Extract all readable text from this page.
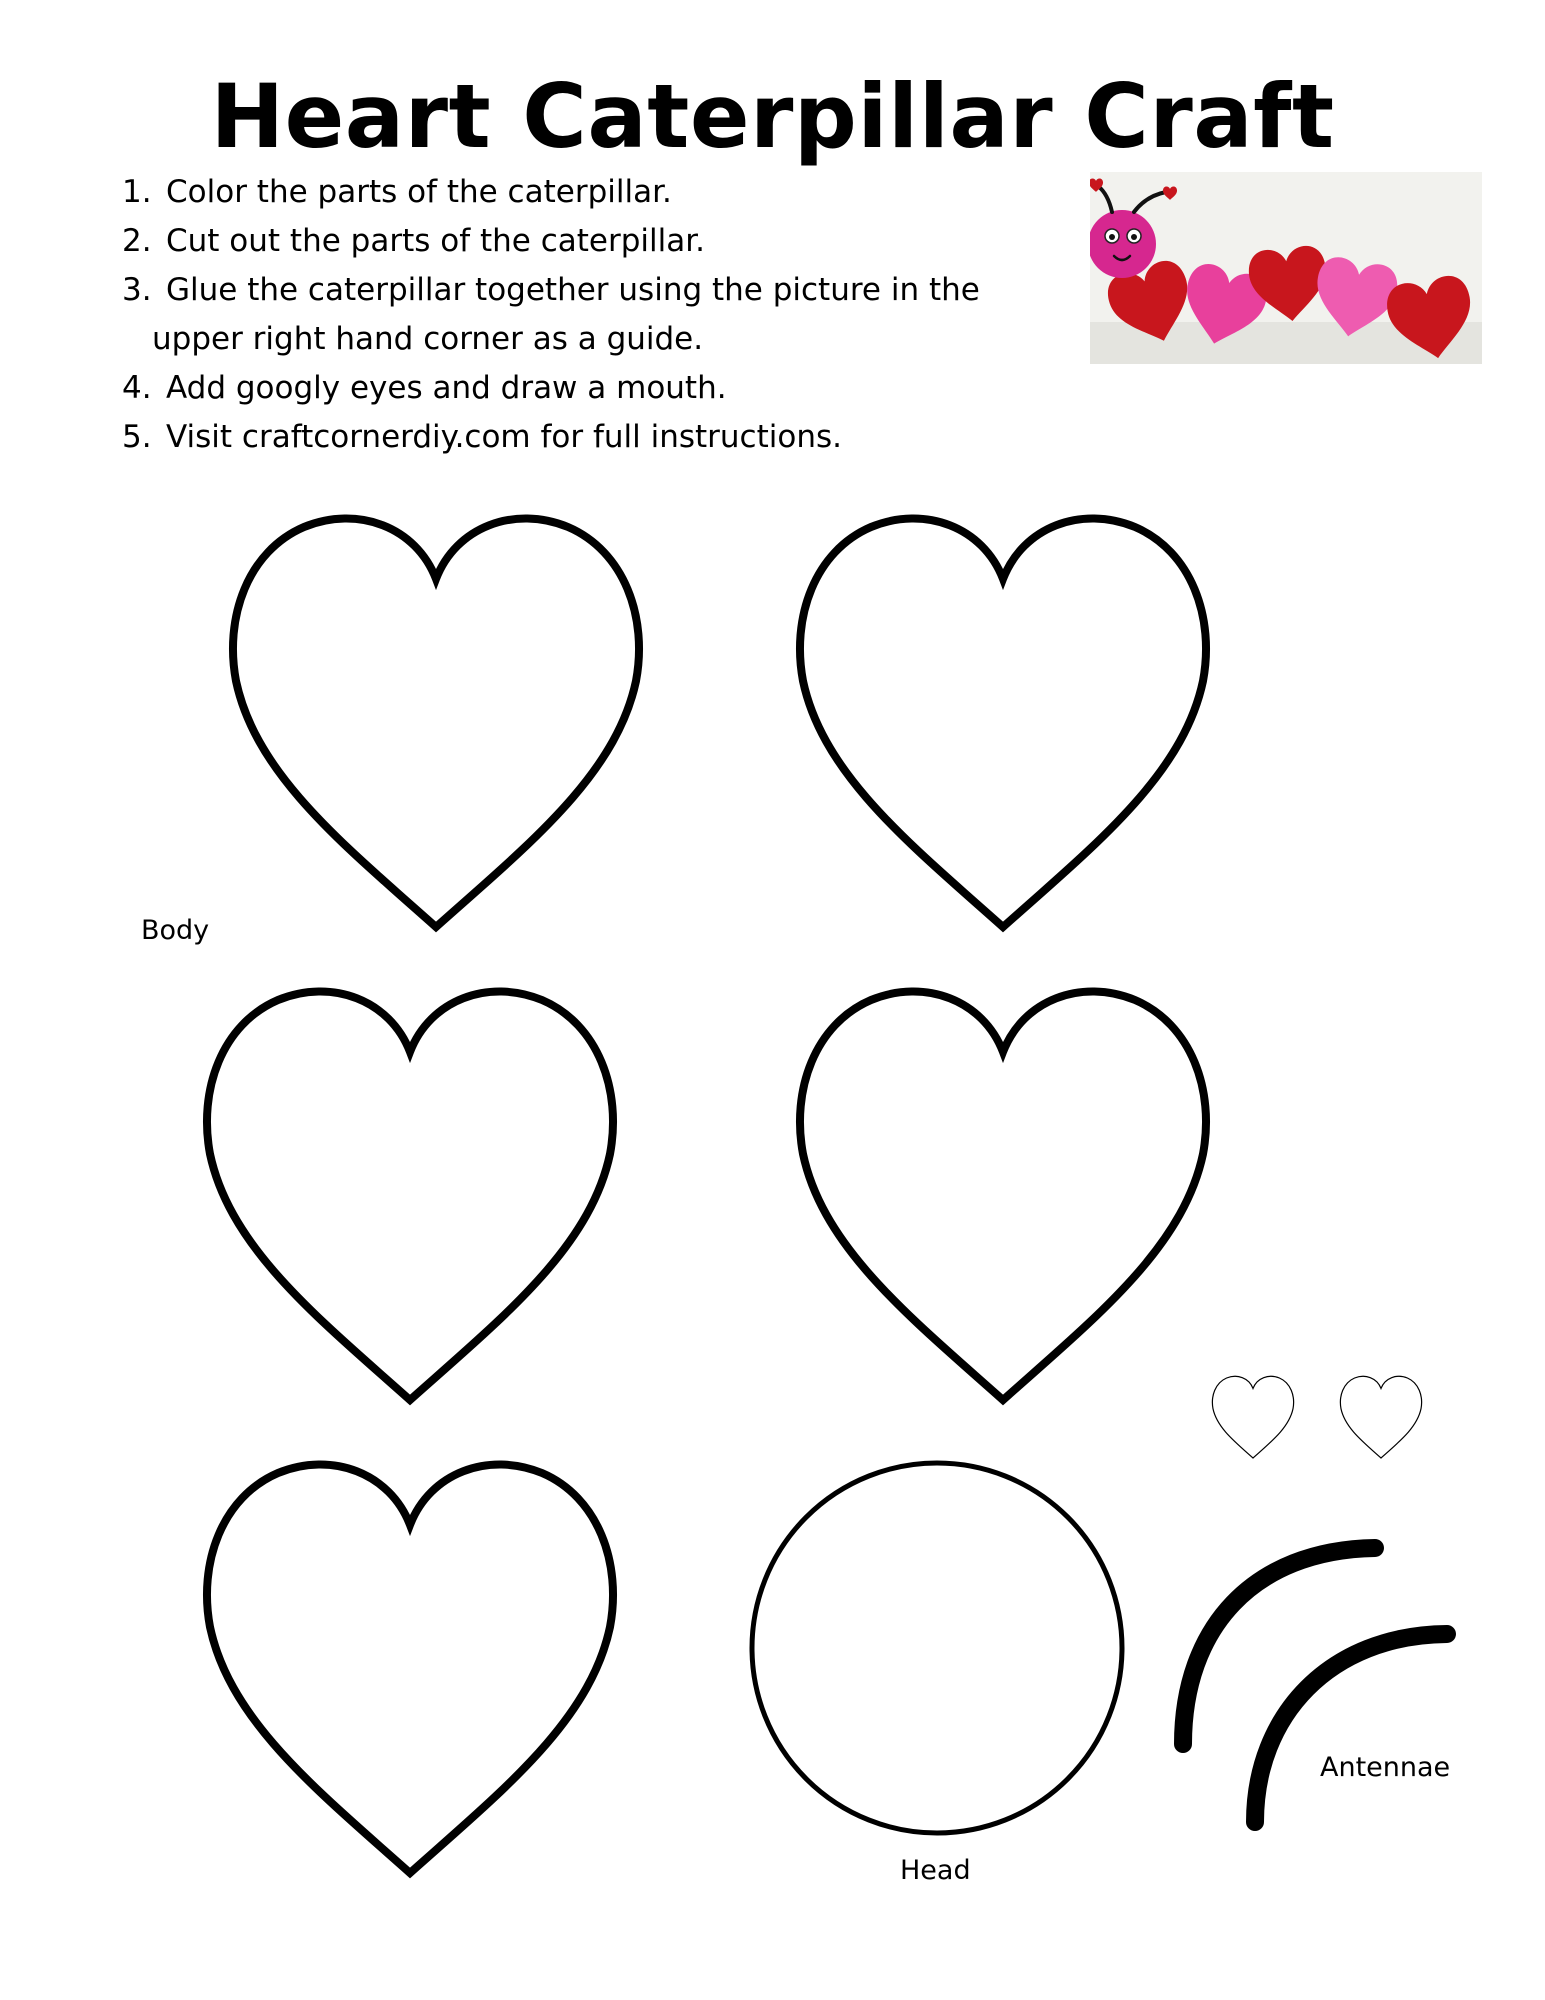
Heart Caterpillar Craft
1. Color the parts of the caterpillar.
2. Cut out the parts of the caterpillar.
3. Glue the caterpillar together using the picture in the
upper right hand corner as a guide.
4. Add googly eyes and draw a mouth.
5. Visit craftcornerdiy.com for full instructions.
Body
Head
Antennae
